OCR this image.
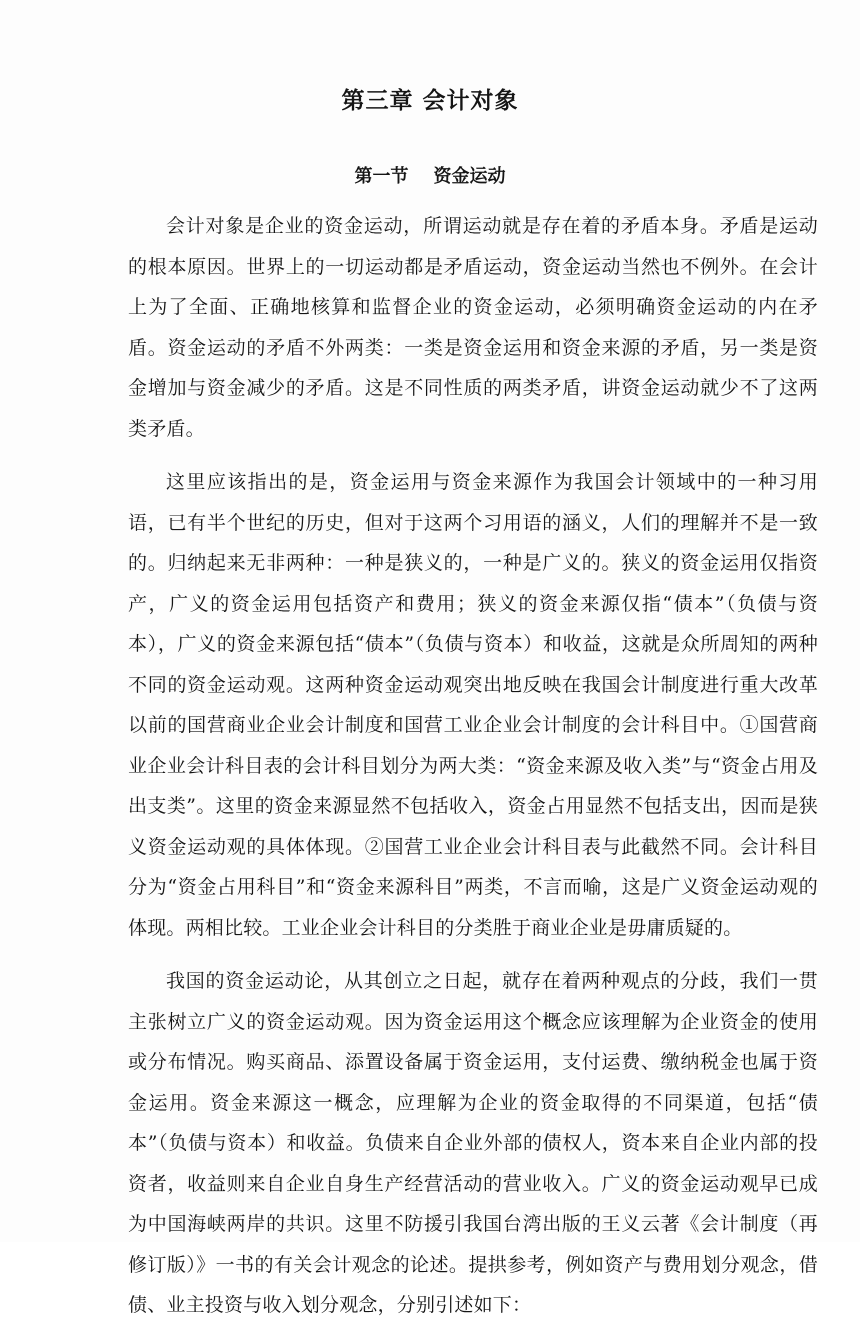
第三章 会计对象
第一节    资金运动

会计对象是企业的资金运动，所谓运动就是存在着的矛盾本身。矛盾是运动的根本原因。世界上的一切运动都是矛盾运动，资金运动当然也不例外。在会计上为了全面、正确地核算和监督企业的资金运动，必须明确资金运动的内在矛盾。资金运动的矛盾不外两类：一类是资金运用和资金来源的矛盾，另一类是资金增加与资金减少的矛盾。这是不同性质的两类矛盾，讲资金运动就少不了这两类矛盾。

这里应该指出的是，资金运用与资金来源作为我国会计领域中的一种习用语，已有半个世纪的历史，但对于这两个习用语的涵义，人们的理解并不是一致的。归纳起来无非两种：一种是狭义的，一种是广义的。狭义的资金运用仅指资产，广义的资金运用包括资产和费用；狭义的资金来源仅指“债本”（负债与资本），广义的资金来源包括“债本”（负债与资本）和收益，这就是众所周知的两种不同的资金运动观。这两种资金运动观突出地反映在我国会计制度进行重大改革以前的国营商业企业会计制度和国营工业企业会计制度的会计科目中。①国营商业企业会计科目表的会计科目划分为两大类：“资金来源及收入类”与“资金占用及出支类”。这里的资金来源显然不包括收入，资金占用显然不包括支出，因而是狭义资金运动观的具体体现。②国营工业企业会计科目表与此截然不同。会计科目分为“资金占用科目”和“资金来源科目”两类，不言而喻，这是广义资金运动观的体现。两相比较。工业企业会计科目的分类胜于商业企业是毋庸质疑的。

我国的资金运动论，从其创立之日起，就存在着两种观点的分歧，我们一贯主张树立广义的资金运动观。因为资金运用这个概念应该理解为企业资金的使用或分布情况。购买商品、添置设备属于资金运用，支付运费、缴纳税金也属于资金运用。资金来源这一概念，应理解为企业的资金取得的不同渠道，包括“债本”（负债与资本）和收益。负债来自企业外部的债权人，资本来自企业内部的投资者，收益则来自企业自身生产经营活动的营业收入。广义的资金运动观早已成为中国海峡两岸的共识。这里不防援引我国台湾出版的王义云著《会计制度（再修订版）》一书的有关会计观念的论述。提拱参考，例如资产与费用划分观念，借债、业主投资与收入划分观念，分别引述如下：
